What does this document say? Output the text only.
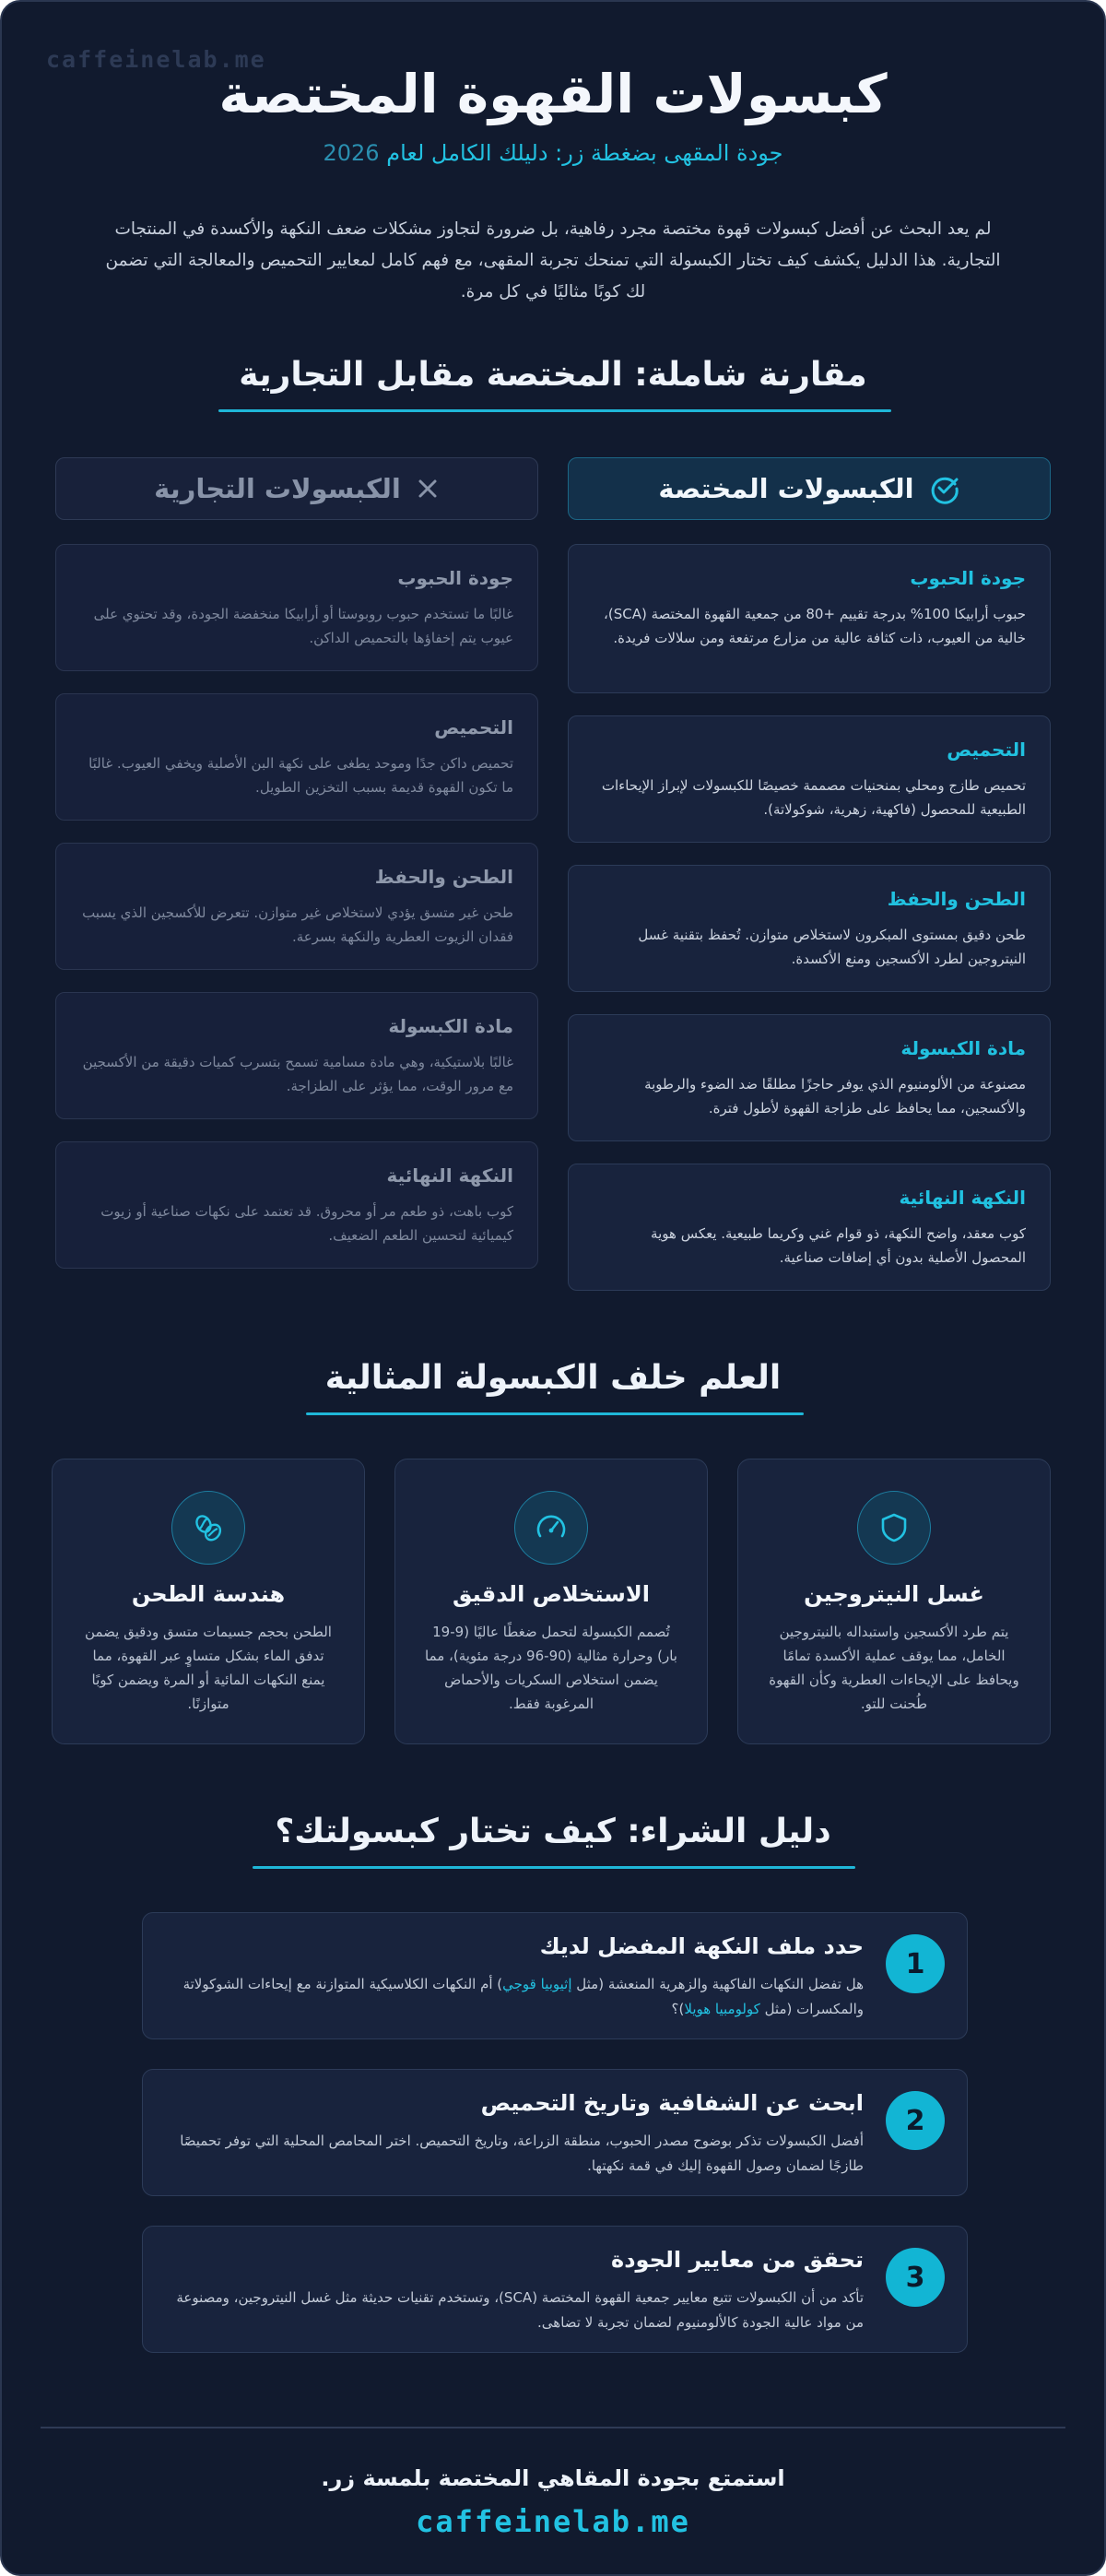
caffeinelab.me
كبسولات القهوة المختصة
جودة المقهى بضغطة زر: دليلك الكامل لعام 2026

لم يعد البحث عن أفضل كبسولات قهوة مختصة مجرد رفاهية، بل ضرورة لتجاوز مشكلات ضعف النكهة والأكسدة في المنتجات التجارية. هذا الدليل يكشف كيف تختار الكبسولة التي تمنحك تجربة المقهى، مع فهم كامل لمعايير التحميص والمعالجة التي تضمن لك كوبًا مثاليًا في كل مرة.

مقارنة شاملة: المختصة مقابل التجارية
الكبسولات المختصة
الكبسولات التجارية
جودة الحبوب

حبوب أرابيكا 100% بدرجة تقييم +80 من جمعية القهوة المختصة (SCA)، خالية من العيوب، ذات كثافة عالية من مزارع مرتفعة ومن سلالات فريدة.

التحميص

تحميص طازج ومحلي بمنحنيات مصممة خصيصًا للكبسولات لإبراز الإيحاءات الطبيعية للمحصول (فاكهية، زهرية، شوكولاتة).

الطحن والحفظ

طحن دقيق بمستوى المبكرون لاستخلاص متوازن. تُحفظ بتقنية غسل النيتروجين لطرد الأكسجين ومنع الأكسدة.

مادة الكبسولة

مصنوعة من الألومنيوم الذي يوفر حاجزًا مطلقًا ضد الضوء والرطوبة والأكسجين، مما يحافظ على طزاجة القهوة لأطول فترة.

النكهة النهائية

كوب معقد، واضح النكهة، ذو قوام غني وكريما طبيعية. يعكس هوية المحصول الأصلية بدون أي إضافات صناعية.

جودة الحبوب

غالبًا ما تستخدم حبوب روبوستا أو أرابيكا منخفضة الجودة، وقد تحتوي على عيوب يتم إخفاؤها بالتحميص الداكن.

التحميص

تحميص داكن جدًا وموحد يطغى على نكهة البن الأصلية ويخفي العيوب. غالبًا ما تكون القهوة قديمة بسبب التخزين الطويل.

الطحن والحفظ

طحن غير متسق يؤدي لاستخلاص غير متوازن. تتعرض للأكسجين الذي يسبب فقدان الزيوت العطرية والنكهة بسرعة.

مادة الكبسولة

غالبًا بلاستيكية، وهي مادة مسامية تسمح بتسرب كميات دقيقة من الأكسجين مع مرور الوقت، مما يؤثر على الطزاجة.

النكهة النهائية

كوب باهت، ذو طعم مر أو محروق. قد تعتمد على نكهات صناعية أو زيوت كيميائية لتحسين الطعم الضعيف.

العلم خلف الكبسولة المثالية
غسل النيتروجين

يتم طرد الأكسجين واستبداله بالنيتروجين الخامل، مما يوقف عملية الأكسدة تمامًا ويحافظ على الإيحاءات العطرية وكأن القهوة طُحنت للتو.

الاستخلاص الدقيق

تُصمم الكبسولة لتحمل ضغطًا عاليًا (9-19 بار) وحرارة مثالية (90-96 درجة مئوية)، مما يضمن استخلاص السكريات والأحماض المرغوبة فقط.

هندسة الطحن

الطحن بحجم جسيمات متسق ودقيق يضمن تدفق الماء بشكل متساوٍ عبر القهوة، مما يمنع النكهات المائية أو المرة ويضمن كوبًا متوازنًا.

دليل الشراء: كيف تختار كبسولتك؟
1
حدد ملف النكهة المفضل لديك

هل تفضل النكهات الفاكهية والزهرية المنعشة (مثل إثيوبيا قوجي) أم النكهات الكلاسيكية المتوازنة مع إيحاءات الشوكولاتة والمكسرات (مثل كولومبيا هويلا)؟

2
ابحث عن الشفافية وتاريخ التحميص

أفضل الكبسولات تذكر بوضوح مصدر الحبوب، منطقة الزراعة، وتاريخ التحميص. اختر المحامص المحلية التي توفر تحميصًا طازجًا لضمان وصول القهوة إليك في قمة نكهتها.

3
تحقق من معايير الجودة

تأكد من أن الكبسولات تتبع معايير جمعية القهوة المختصة (SCA)، وتستخدم تقنيات حديثة مثل غسل النيتروجين، ومصنوعة من مواد عالية الجودة كالألومنيوم لضمان تجربة لا تضاهى.

استمتع بجودة المقاهي المختصة بلمسة زر.
caffeinelab.me
